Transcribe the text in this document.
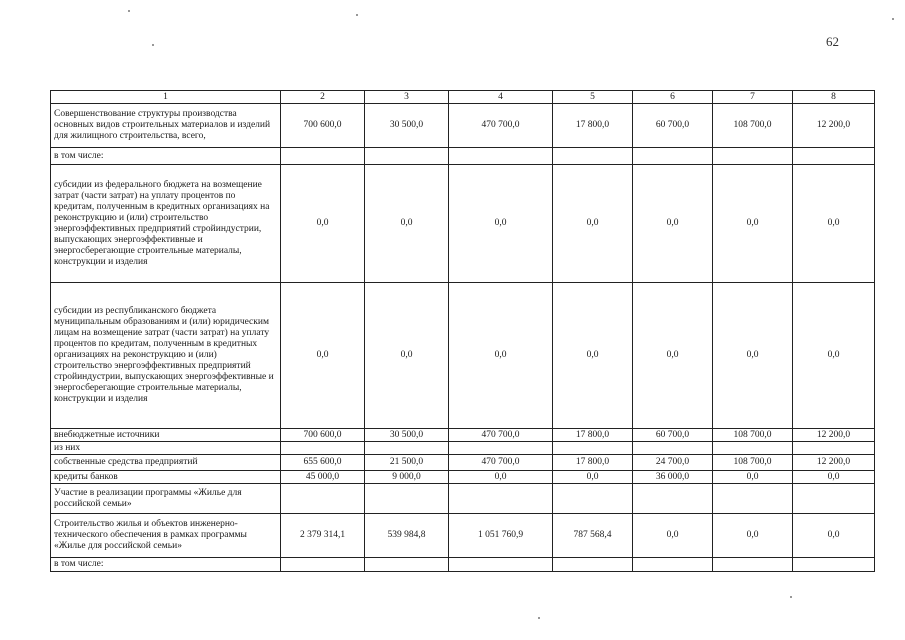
62
1	2	3	4	5	6	7	8
Совершенствование структуры производства основных видов строительных материалов и изделий для жилищного строительства, всего,	700 600,0	30 500,0	470 700,0	17 800,0	60 700,0	108 700,0	12 200,0
в том числе:							
субсидии из федерального бюджета на возмещение затрат (части затрат) на уплату процентов по кредитам, полученным в кредитных организациях на реконструкцию и (или) строительство энергоэффективных предприятий стройиндустрии, выпускающих энергоэффективные и энергосберегающие строительные материалы, конструкции и изделия	0,0	0,0	0,0	0,0	0,0	0,0	0,0
субсидии из республиканского бюджета муниципальным образованиям и (или) юридическим лицам на возмещение затрат (части затрат) на уплату процентов по кредитам, полученным в кредитных организациях на реконструкцию и (или) строительство энергоэффективных предприятий стройиндустрии, выпускающих энергоэффективные и энергосберегающие строительные материалы, конструкции и изделия	0,0	0,0	0,0	0,0	0,0	0,0	0,0
внебюджетные источники	700 600,0	30 500,0	470 700,0	17 800,0	60 700,0	108 700,0	12 200,0
из них							
собственные средства предприятий	655 600,0	21 500,0	470 700,0	17 800,0	24 700,0	108 700,0	12 200,0
кредиты банков	45 000,0	9 000,0	0,0	0,0	36 000,0	0,0	0,0
Участие в реализации программы «Жилье для российской семьи»							
Строительство жилья и объектов инженерно-технического обеспечения в рамках программы «Жилье для российской семьи»	2 379 314,1	539 984,8	1 051 760,9	787 568,4	0,0	0,0	0,0
в том числе:							
